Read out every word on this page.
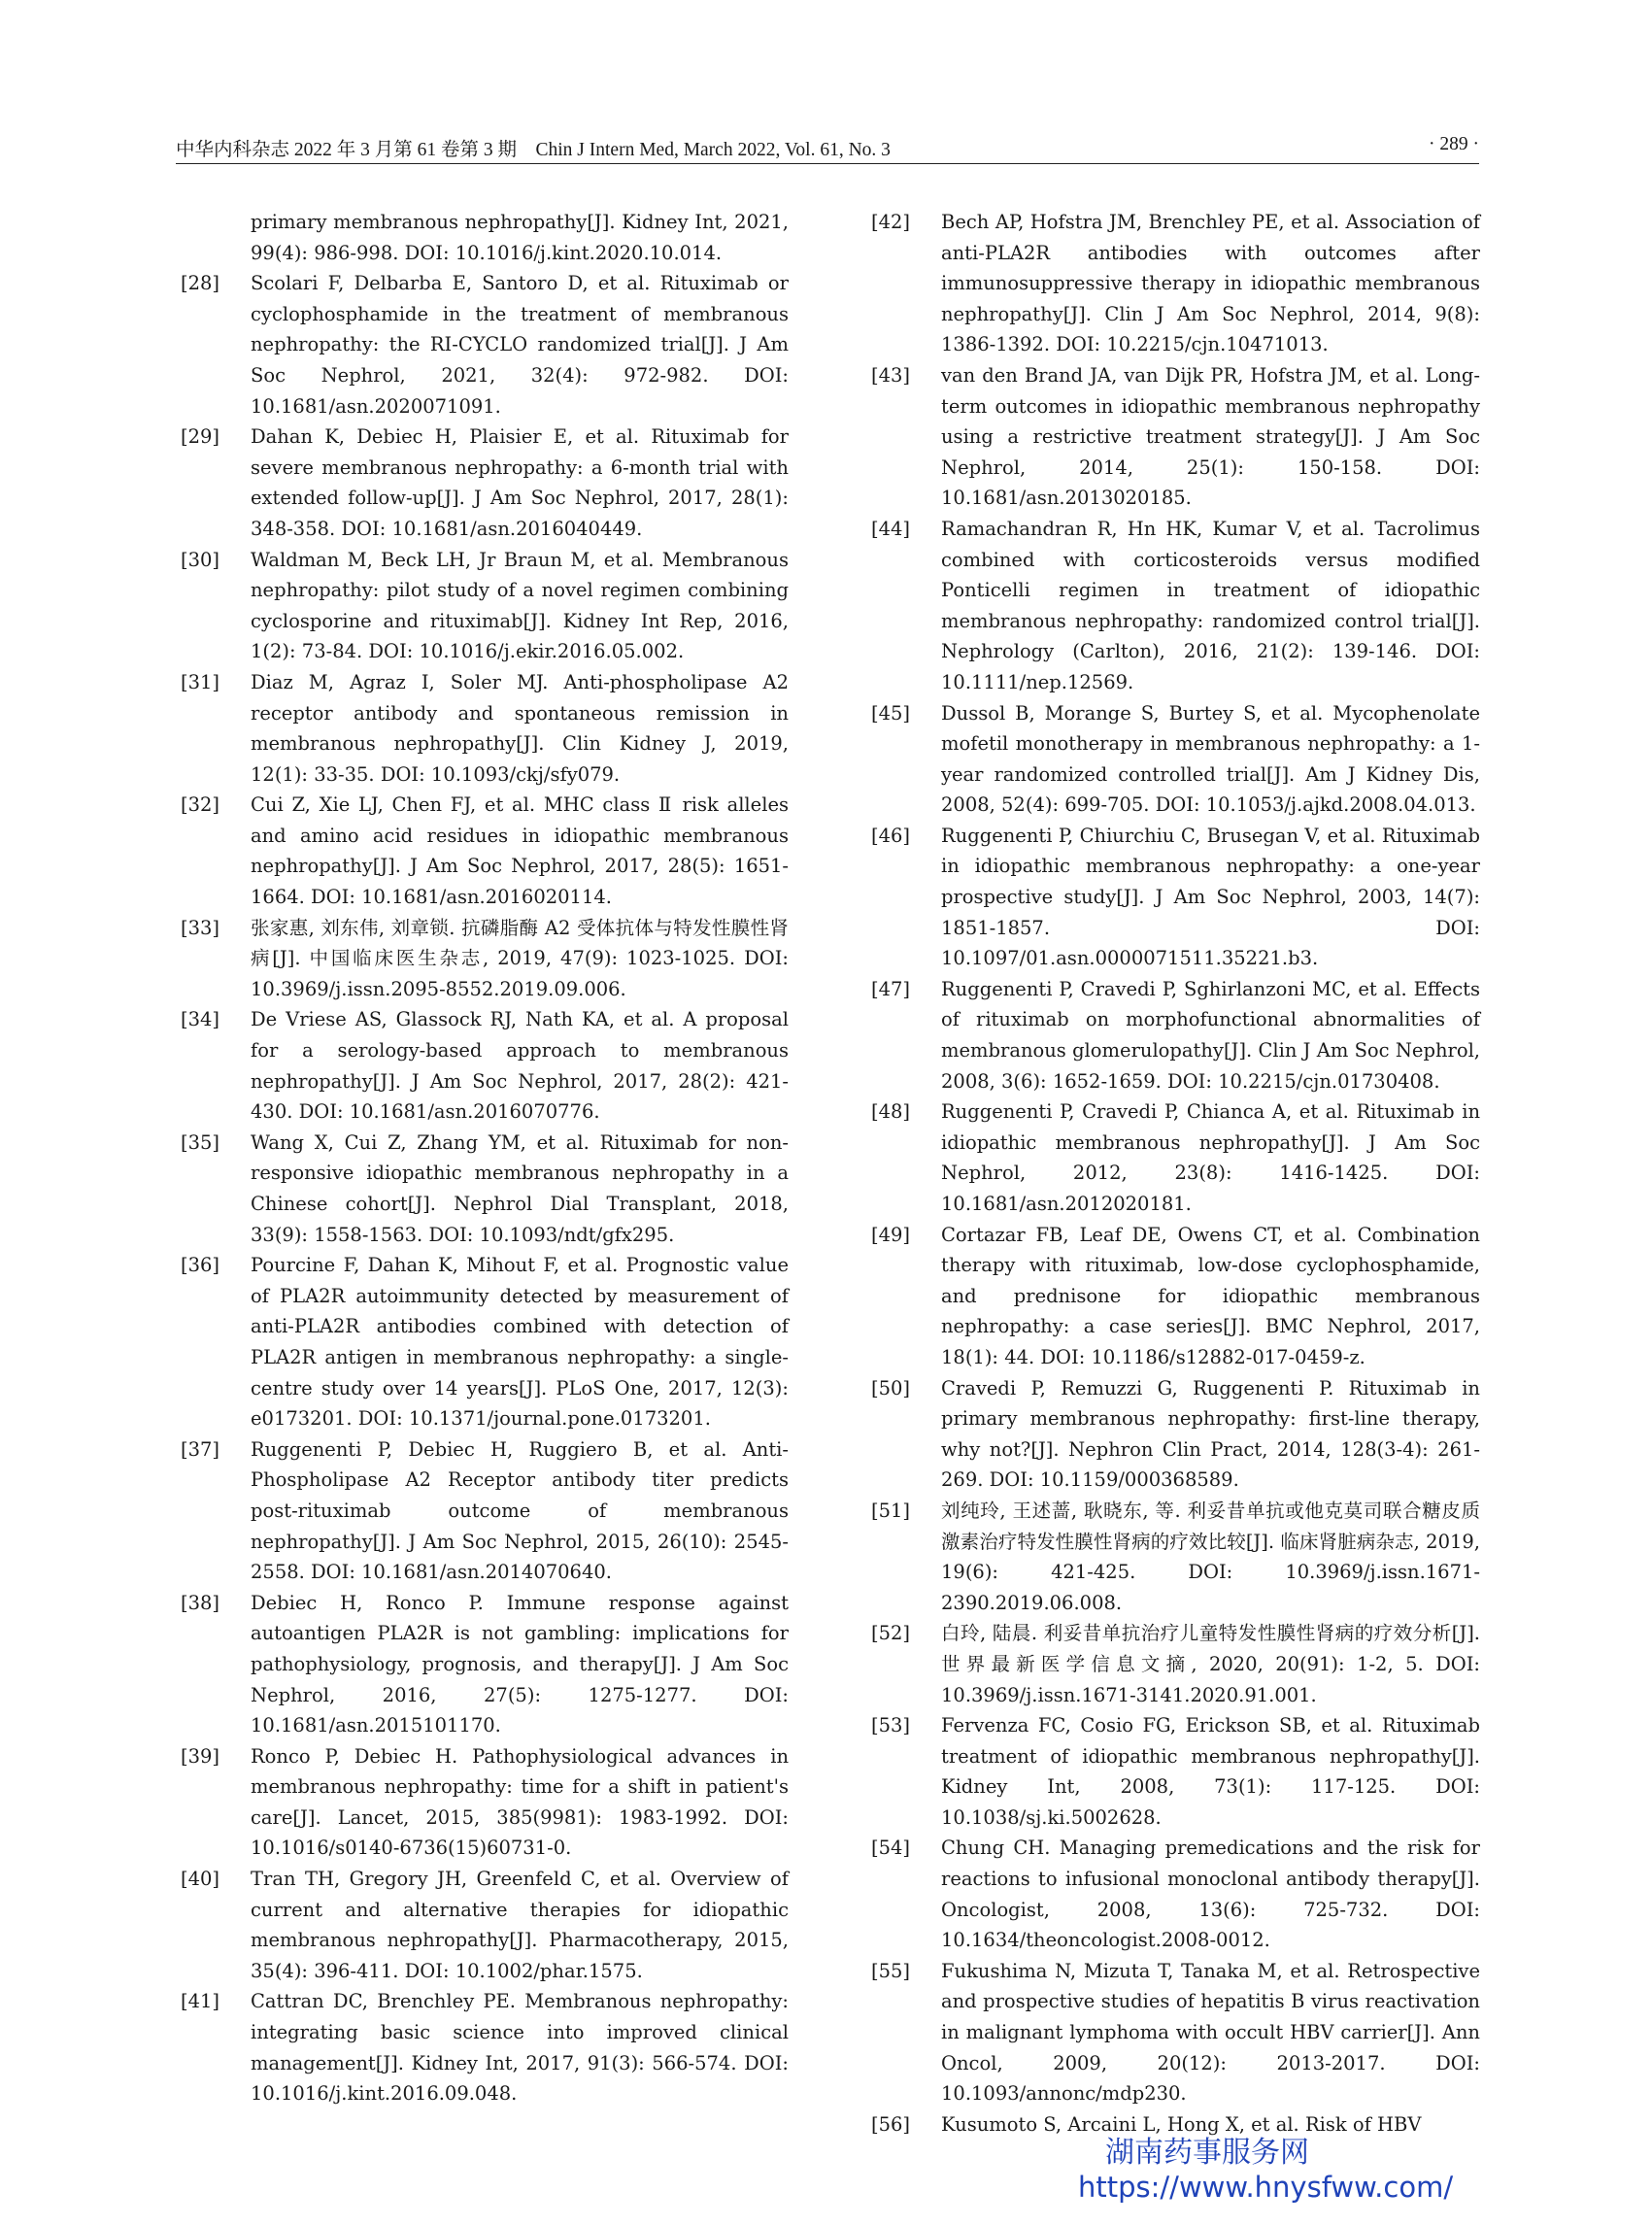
中华内科杂志 2022 年 3 月第 61 卷第 3 期　Chin J Intern Med, March 2022, Vol. 61, No. 3	· 289 ·
primary membranous nephropathy[J]. Kidney Int, 2021, 99(4): 986-998. DOI: 10.1016/j.kint.2020.10.014.
[28]	Scolari F, Delbarba E, Santoro D, et al. Rituximab or cyclophosphamide in the treatment of membranous nephropathy: the RI-CYCLO randomized trial[J]. J Am Soc Nephrol, 2021, 32(4): 972-982. DOI: 10.1681/asn.2020071091.
[29]	Dahan K, Debiec H, Plaisier E, et al. Rituximab for severe membranous nephropathy: a 6-month trial with extended follow-up[J]. J Am Soc Nephrol, 2017, 28(1): 348-358. DOI: 10.1681/asn.2016040449.
[30]	Waldman M, Beck LH, Jr Braun M, et al. Membranous nephropathy: pilot study of a novel regimen combining cyclosporine and rituximab[J]. Kidney Int Rep, 2016, 1(2): 73-84. DOI: 10.1016/j.ekir.2016.05.002.
[31]	Diaz M, Agraz I, Soler MJ. Anti-phospholipase A2 receptor antibody and spontaneous remission in membranous nephropathy[J]. Clin Kidney J, 2019, 12(1): 33-35. DOI: 10.1093/ckj/sfy079.
[32]	Cui Z, Xie LJ, Chen FJ, et al. MHC class Ⅱ risk alleles and amino acid residues in idiopathic membranous nephropathy[J]. J Am Soc Nephrol, 2017, 28(5): 1651-1664. DOI: 10.1681/asn.2016020114.
[33]	张家惠, 刘东伟, 刘章锁. 抗磷脂酶 A2 受体抗体与特发性膜性肾病[J]. 中国临床医生杂志, 2019, 47(9): 1023-1025. DOI: 10.3969/j.issn.2095-8552.2019.09.006.
[34]	De Vriese AS, Glassock RJ, Nath KA, et al. A proposal for a serology-based approach to membranous nephropathy[J]. J Am Soc Nephrol, 2017, 28(2): 421-430. DOI: 10.1681/asn.2016070776.
[35]	Wang X, Cui Z, Zhang YM, et al. Rituximab for non-responsive idiopathic membranous nephropathy in a Chinese cohort[J]. Nephrol Dial Transplant, 2018, 33(9): 1558-1563. DOI: 10.1093/ndt/gfx295.
[36]	Pourcine F, Dahan K, Mihout F, et al. Prognostic value of PLA2R autoimmunity detected by measurement of anti-PLA2R antibodies combined with detection of PLA2R antigen in membranous nephropathy: a single-centre study over 14 years[J]. PLoS One, 2017, 12(3): e0173201. DOI: 10.1371/journal.pone.0173201.
[37]	Ruggenenti P, Debiec H, Ruggiero B, et al. Anti-Phospholipase A2 Receptor antibody titer predicts post-rituximab outcome of membranous nephropathy[J]. J Am Soc Nephrol, 2015, 26(10): 2545-2558. DOI: 10.1681/asn.2014070640.
[38]	Debiec H, Ronco P. Immune response against autoantigen PLA2R is not gambling: implications for pathophysiology, prognosis, and therapy[J]. J Am Soc Nephrol, 2016, 27(5): 1275-1277. DOI: 10.1681/asn.2015101170.
[39]	Ronco P, Debiec H. Pathophysiological advances in membranous nephropathy: time for a shift in patient's care[J]. Lancet, 2015, 385(9981): 1983-1992. DOI: 10.1016/s0140-6736(15)60731-0.
[40]	Tran TH, Gregory JH, Greenfeld C, et al. Overview of current and alternative therapies for idiopathic membranous nephropathy[J]. Pharmacotherapy, 2015, 35(4): 396-411. DOI: 10.1002/phar.1575.
[41]	Cattran DC, Brenchley PE. Membranous nephropathy: integrating basic science into improved clinical management[J]. Kidney Int, 2017, 91(3): 566-574. DOI: 10.1016/j.kint.2016.09.048.
[42]	Bech AP, Hofstra JM, Brenchley PE, et al. Association of anti-PLA2R antibodies with outcomes after immunosuppressive therapy in idiopathic membranous nephropathy[J]. Clin J Am Soc Nephrol, 2014, 9(8): 1386-1392. DOI: 10.2215/cjn.10471013.
[43]	van den Brand JA, van Dijk PR, Hofstra JM, et al. Long-term outcomes in idiopathic membranous nephropathy using a restrictive treatment strategy[J]. J Am Soc Nephrol, 2014, 25(1): 150-158. DOI: 10.1681/asn.2013020185.
[44]	Ramachandran R, Hn HK, Kumar V, et al. Tacrolimus combined with corticosteroids versus modified Ponticelli regimen in treatment of idiopathic membranous nephropathy: randomized control trial[J]. Nephrology (Carlton), 2016, 21(2): 139-146. DOI: 10.1111/nep.12569.
[45]	Dussol B, Morange S, Burtey S, et al. Mycophenolate mofetil monotherapy in membranous nephropathy: a 1-year randomized controlled trial[J]. Am J Kidney Dis, 2008, 52(4): 699-705. DOI: 10.1053/j.ajkd.2008.04.013.
[46]	Ruggenenti P, Chiurchiu C, Brusegan V, et al. Rituximab in idiopathic membranous nephropathy: a one-year prospective study[J]. J Am Soc Nephrol, 2003, 14(7): 1851-1857. DOI: 10.1097/01.asn.0000071511.35221.b3.
[47]	Ruggenenti P, Cravedi P, Sghirlanzoni MC, et al. Effects of rituximab on morphofunctional abnormalities of membranous glomerulopathy[J]. Clin J Am Soc Nephrol, 2008, 3(6): 1652-1659. DOI: 10.2215/cjn.01730408.
[48]	Ruggenenti P, Cravedi P, Chianca A, et al. Rituximab in idiopathic membranous nephropathy[J]. J Am Soc Nephrol, 2012, 23(8): 1416-1425. DOI: 10.1681/asn.2012020181.
[49]	Cortazar FB, Leaf DE, Owens CT, et al. Combination therapy with rituximab, low-dose cyclophosphamide, and prednisone for idiopathic membranous nephropathy: a case series[J]. BMC Nephrol, 2017, 18(1): 44. DOI: 10.1186/s12882-017-0459-z.
[50]	Cravedi P, Remuzzi G, Ruggenenti P. Rituximab in primary membranous nephropathy: first-line therapy, why not?[J]. Nephron Clin Pract, 2014, 128(3-4): 261-269. DOI: 10.1159/000368589.
[51]	刘纯玲, 王述蔷, 耿晓东, 等. 利妥昔单抗或他克莫司联合糖皮质激素治疗特发性膜性肾病的疗效比较[J]. 临床肾脏病杂志, 2019, 19(6): 421-425. DOI: 10.3969/j.issn.1671-2390.2019.06.008.
[52]	白玲, 陆晨. 利妥昔单抗治疗儿童特发性膜性肾病的疗效分析[J]. 世界最新医学信息文摘, 2020, 20(91): 1-2, 5. DOI: 10.3969/j.issn.1671-3141.2020.91.001.
[53]	Fervenza FC, Cosio FG, Erickson SB, et al. Rituximab treatment of idiopathic membranous nephropathy[J]. Kidney Int, 2008, 73(1): 117-125. DOI: 10.1038/sj.ki.5002628.
[54]	Chung CH. Managing premedications and the risk for reactions to infusional monoclonal antibody therapy[J]. Oncologist, 2008, 13(6): 725-732. DOI: 10.1634/theoncologist.2008-0012.
[55]	Fukushima N, Mizuta T, Tanaka M, et al. Retrospective and prospective studies of hepatitis B virus reactivation in malignant lymphoma with occult HBV carrier[J]. Ann Oncol, 2009, 20(12): 2013-2017. DOI: 10.1093/annonc/mdp230.
[56]	Kusumoto S, Arcaini L, Hong X, et al. Risk of HBV
湖南药事服务网
https://www.hnysfww.com/
